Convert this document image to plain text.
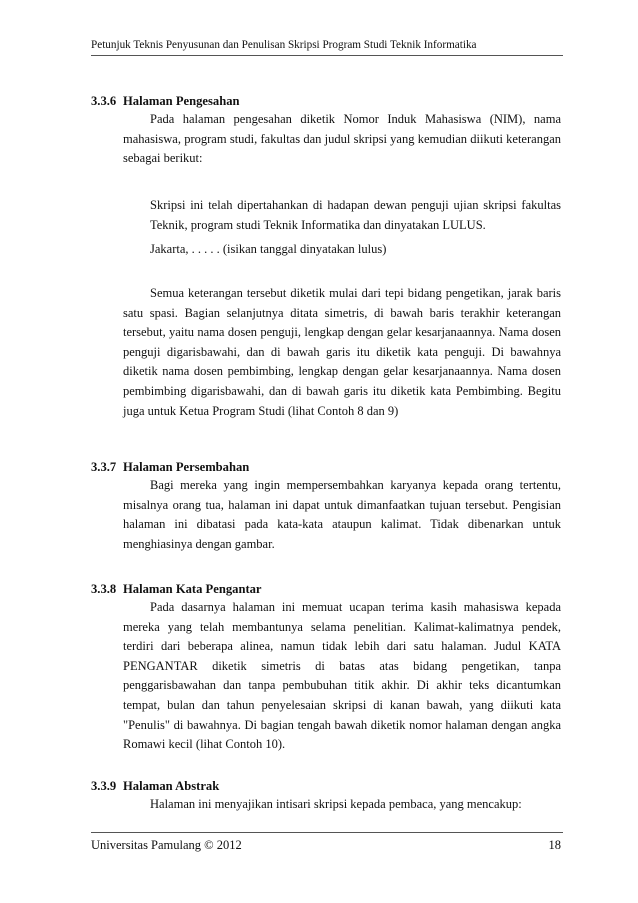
Petunjuk Teknis Penyusunan dan Penulisan Skripsi Program Studi Teknik Informatika
3.3.6 Halaman Pengesahan
Pada halaman pengesahan diketik Nomor Induk Mahasiswa (NIM), nama mahasiswa, program studi, fakultas dan judul skripsi yang kemudian diikuti keterangan sebagai berikut:
Skripsi ini telah dipertahankan di hadapan dewan penguji ujian skripsi fakultas Teknik, program studi Teknik Informatika dan dinyatakan LULUS.
Jakarta, . . . . . (isikan tanggal dinyatakan lulus)
Semua keterangan tersebut diketik mulai dari tepi bidang pengetikan, jarak baris satu spasi. Bagian selanjutnya ditata simetris, di bawah baris terakhir keterangan tersebut, yaitu nama dosen penguji, lengkap dengan gelar kesarjanaannya. Nama dosen penguji digarisbawahi, dan di bawah garis itu diketik kata penguji. Di bawahnya diketik nama dosen pembimbing, lengkap dengan gelar kesarjanaannya. Nama dosen pembimbing digarisbawahi, dan di bawah garis itu diketik kata Pembimbing. Begitu juga untuk Ketua Program Studi (lihat Contoh 8 dan 9)
3.3.7 Halaman Persembahan
Bagi mereka yang ingin mempersembahkan karyanya kepada orang tertentu, misalnya orang tua, halaman ini dapat untuk dimanfaatkan tujuan tersebut. Pengisian halaman ini dibatasi pada kata-kata ataupun kalimat. Tidak dibenarkan untuk menghiasinya dengan gambar.
3.3.8 Halaman Kata Pengantar
Pada dasarnya halaman ini memuat ucapan terima kasih mahasiswa kepada mereka yang telah membantunya selama penelitian. Kalimat-kalimatnya pendek, terdiri dari beberapa alinea, namun tidak lebih dari satu halaman. Judul KATA PENGANTAR diketik simetris di batas atas bidang pengetikan, tanpa penggarisbawahan dan tanpa pembubuhan titik akhir. Di akhir teks dicantumkan tempat, bulan dan tahun penyelesaian skripsi di kanan bawah, yang diikuti kata "Penulis" di bawahnya. Di bagian tengah bawah diketik nomor halaman dengan angka Romawi kecil (lihat Contoh 10).
3.3.9 Halaman Abstrak
Halaman ini menyajikan intisari skripsi kepada pembaca, yang mencakup:
Universitas Pamulang © 2012	18
